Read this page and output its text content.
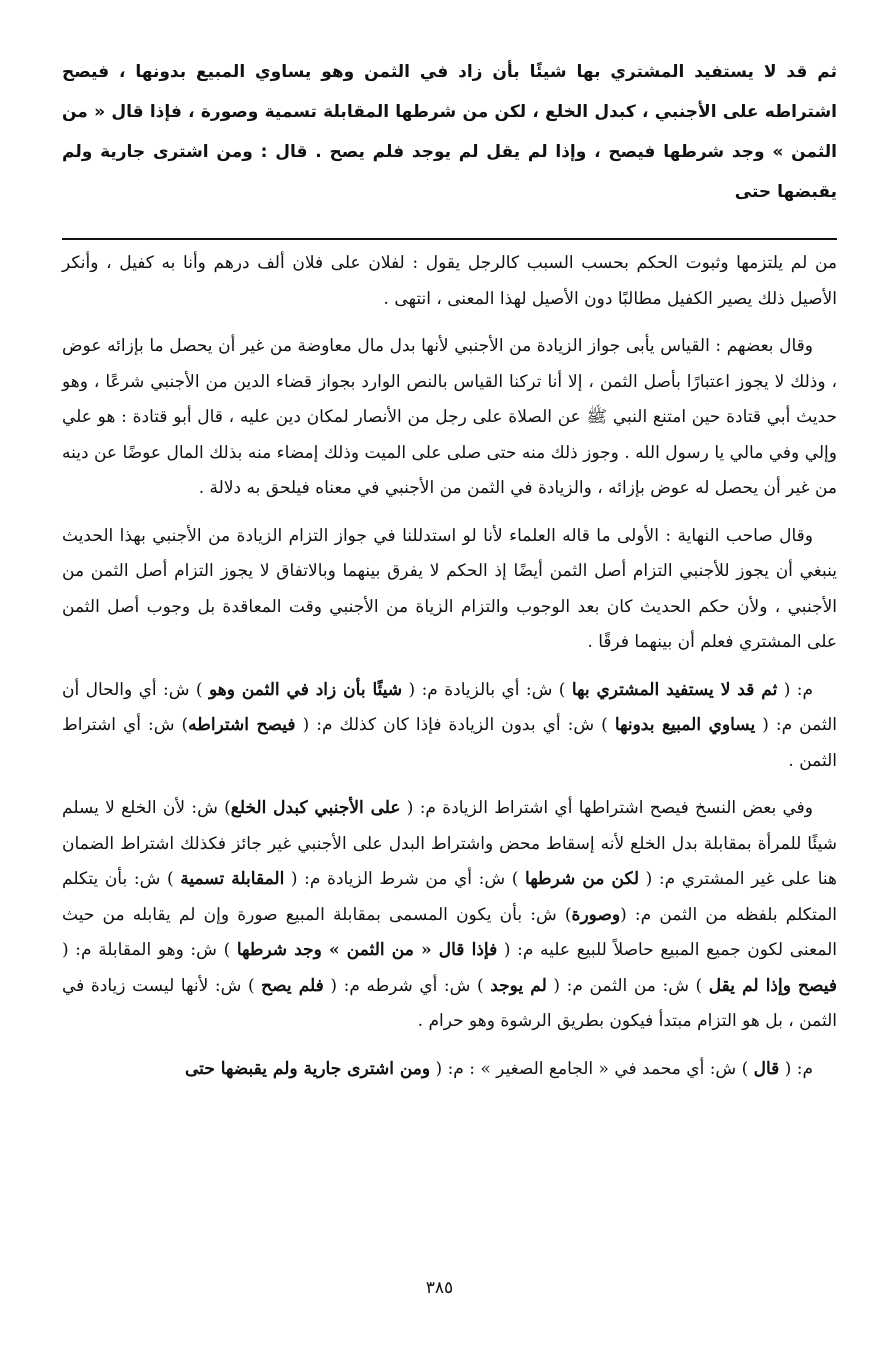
ثم قد لا يستفيد المشتري بها شيئًا بأن زاد في الثمن وهو يساوي المبيع بدونها ، فيصح اشتراطه على الأجنبي ، كبدل الخلع ، لكن من شرطها المقابلة تسمية وصورة ، فإذا قال « من الثمن » وجد شرطها فيصح ، وإذا لم يقل لم يوجد فلم يصح . قال : ومن اشترى جارية ولم يقبضها حتى

من لم يلتزمها وثبوت الحكم بحسب السبب كالرجل يقول : لفلان على فلان ألف درهم وأنا به كفيل ، وأنكر الأصيل ذلك يصير الكفيل مطالبًا دون الأصيل لهذا المعنى ، انتهى .

وقال بعضهم : القياس يأبى جواز الزيادة من الأجنبي لأنها بدل مال معاوضة من غير أن يحصل ما بإزائه عوض ، وذلك لا يجوز اعتبارًا بأصل الثمن ، إلا أنا تركنا القياس بالنص الوارد بجواز قضاء الدين من الأجنبي شرعًا ، وهو حديث أبي قتادة حين امتنع النبي ﷺ عن الصلاة على رجل من الأنصار لمكان دين عليه ، قال أبو قتادة : هو علي وإلي وفي مالي يا رسول الله . وجوز ذلك منه حتى صلى على الميت وذلك إمضاء منه بذلك المال عوضًا عن دينه من غير أن يحصل له عوض بإزائه ، والزيادة في الثمن من الأجنبي في معناه فيلحق به دلالة .

وقال صاحب النهاية : الأولى ما قاله العلماء لأنا لو استدللنا في جواز التزام الزيادة من الأجنبي بهذا الحديث ينبغي أن يجوز للأجنبي التزام أصل الثمن أيضًا إذ الحكم لا يفرق بينهما وبالاتفاق لا يجوز التزام أصل الثمن من الأجنبي ، ولأن حكم الحديث كان بعد الوجوب والتزام الزياة من الأجنبي وقت المعاقدة بل وجوب أصل الثمن على المشتري فعلم أن بينهما فرقًا .

م: ( ثم قد لا يستفيد المشتري بها ) ش: أي بالزيادة م: ( شيئًا بأن زاد في الثمن وهو ) ش: أي والحال أن الثمن م: ( يساوي المبيع بدونها ) ش: أي بدون الزيادة فإذا كان كذلك م: ( فيصح اشتراطه) ش: أي اشتراط الثمن .

وفي بعض النسخ فيصح اشتراطها أي اشتراط الزيادة م: ( على الأجنبي كبدل الخلع) ش: لأن الخلع لا يسلم شيئًا للمرأة بمقابلة بدل الخلع لأنه إسقاط محض واشتراط البدل على الأجنبي غير جائز فكذلك اشتراط الضمان هنا على غير المشتري م: ( لكن من شرطها ) ش: أي من شرط الزيادة م: ( المقابلة تسمية ) ش: بأن يتكلم المتكلم بلفظه من الثمن م: (وصورة) ش: بأن يكون المسمى بمقابلة المبيع صورة وإن لم يقابله من حيث المعنى لكون جميع المبيع حاصلاً للبيع عليه م: ( فإذا قال « من الثمن » وجد شرطها ) ش: وهو المقابلة م: ( فيصح وإذا لم يقل ) ش: من الثمن م: ( لم يوجد ) ش: أي شرطه م: ( فلم يصح ) ش: لأنها ليست زيادة في الثمن ، بل هو التزام مبتدأ فيكون بطريق الرشوة وهو حرام .

م: ( قال ) ش: أي محمد في « الجامع الصغير » : م: ( ومن اشترى جارية ولم يقبضها حتى

٣٨٥
